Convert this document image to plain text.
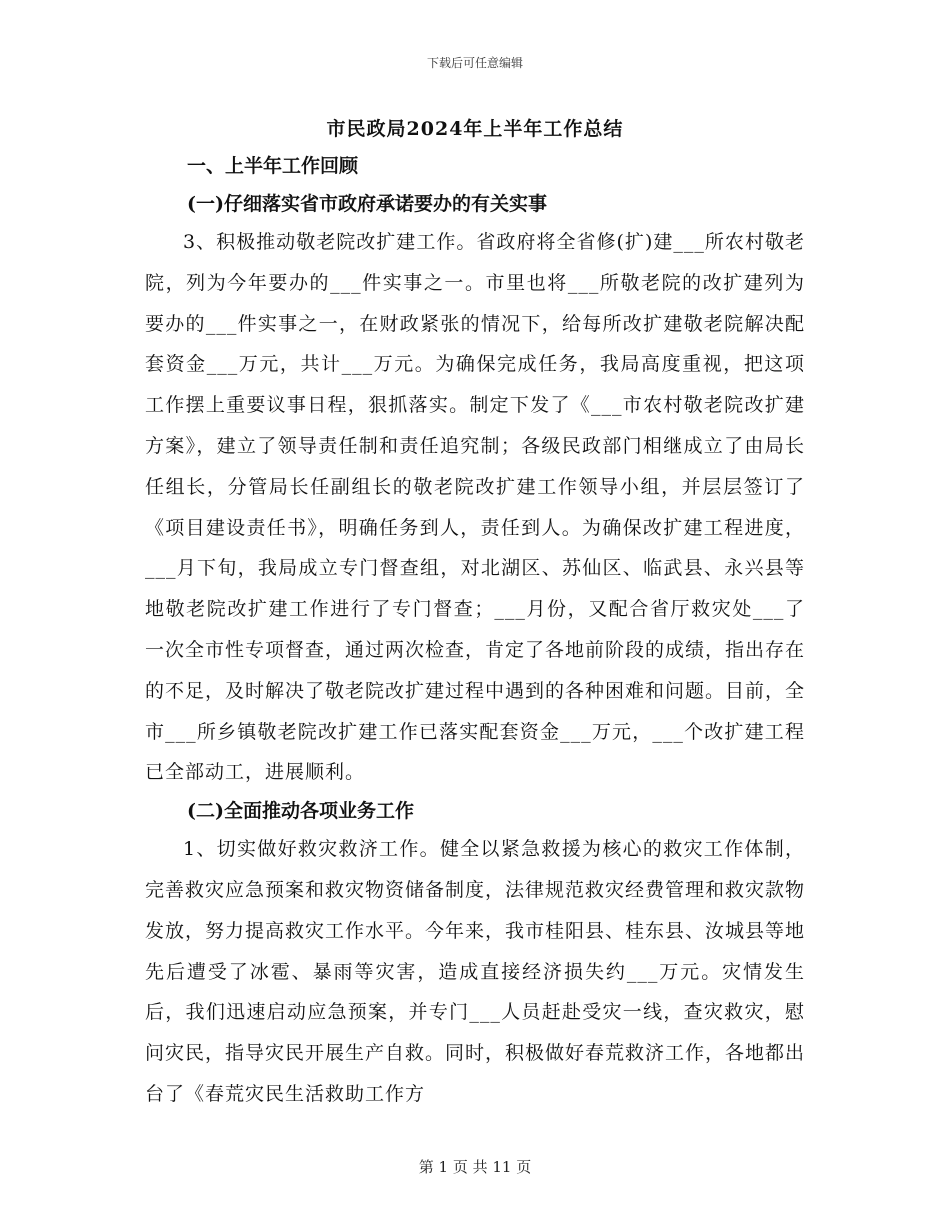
下载后可任意编辑
市民政局2024年上半年工作总结
一、上半年工作回顾
(一)仔细落实省市政府承诺要办的有关实事

3、积极推动敬老院改扩建工作。省政府将全省修(扩)建___所农村敬老院，列为今年要办的___件实事之一。市里也将___所敬老院的改扩建列为要办的___件实事之一，在财政紧张的情况下，给每所改扩建敬老院解决配套资金___万元，共计___万元。为确保完成任务，我局高度重视，把这项工作摆上重要议事日程，狠抓落实。制定下发了《___市农村敬老院改扩建方案》，建立了领导责任制和责任追究制；各级民政部门相继成立了由局长任组长，分管局长任副组长的敬老院改扩建工作领导小组，并层层签订了《项目建设责任书》，明确任务到人，责任到人。为确保改扩建工程进度，___月下旬，我局成立专门督查组，对北湖区、苏仙区、临武县、永兴县等地敬老院改扩建工作进行了专门督查；___月份，又配合省厅救灾处___了一次全市性专项督查，通过两次检查，肯定了各地前阶段的成绩，指出存在的不足，及时解决了敬老院改扩建过程中遇到的各种困难和问题。目前，全市___所乡镇敬老院改扩建工作已落实配套资金___万元，___个改扩建工程已全部动工，进展顺利。

(二)全面推动各项业务工作

1、切实做好救灾救济工作。健全以紧急救援为核心的救灾工作体制，完善救灾应急预案和救灾物资储备制度，法律规范救灾经费管理和救灾款物发放，努力提高救灾工作水平。今年来，我市桂阳县、桂东县、汝城县等地先后遭受了冰雹、暴雨等灾害，造成直接经济损失约___万元。灾情发生后，我们迅速启动应急预案，并专门___人员赶赴受灾一线，查灾救灾，慰问灾民，指导灾民开展生产自救。同时，积极做好春荒救济工作，各地都出台了《春荒灾民生活救助工作方

第 1 页 共 11 页
